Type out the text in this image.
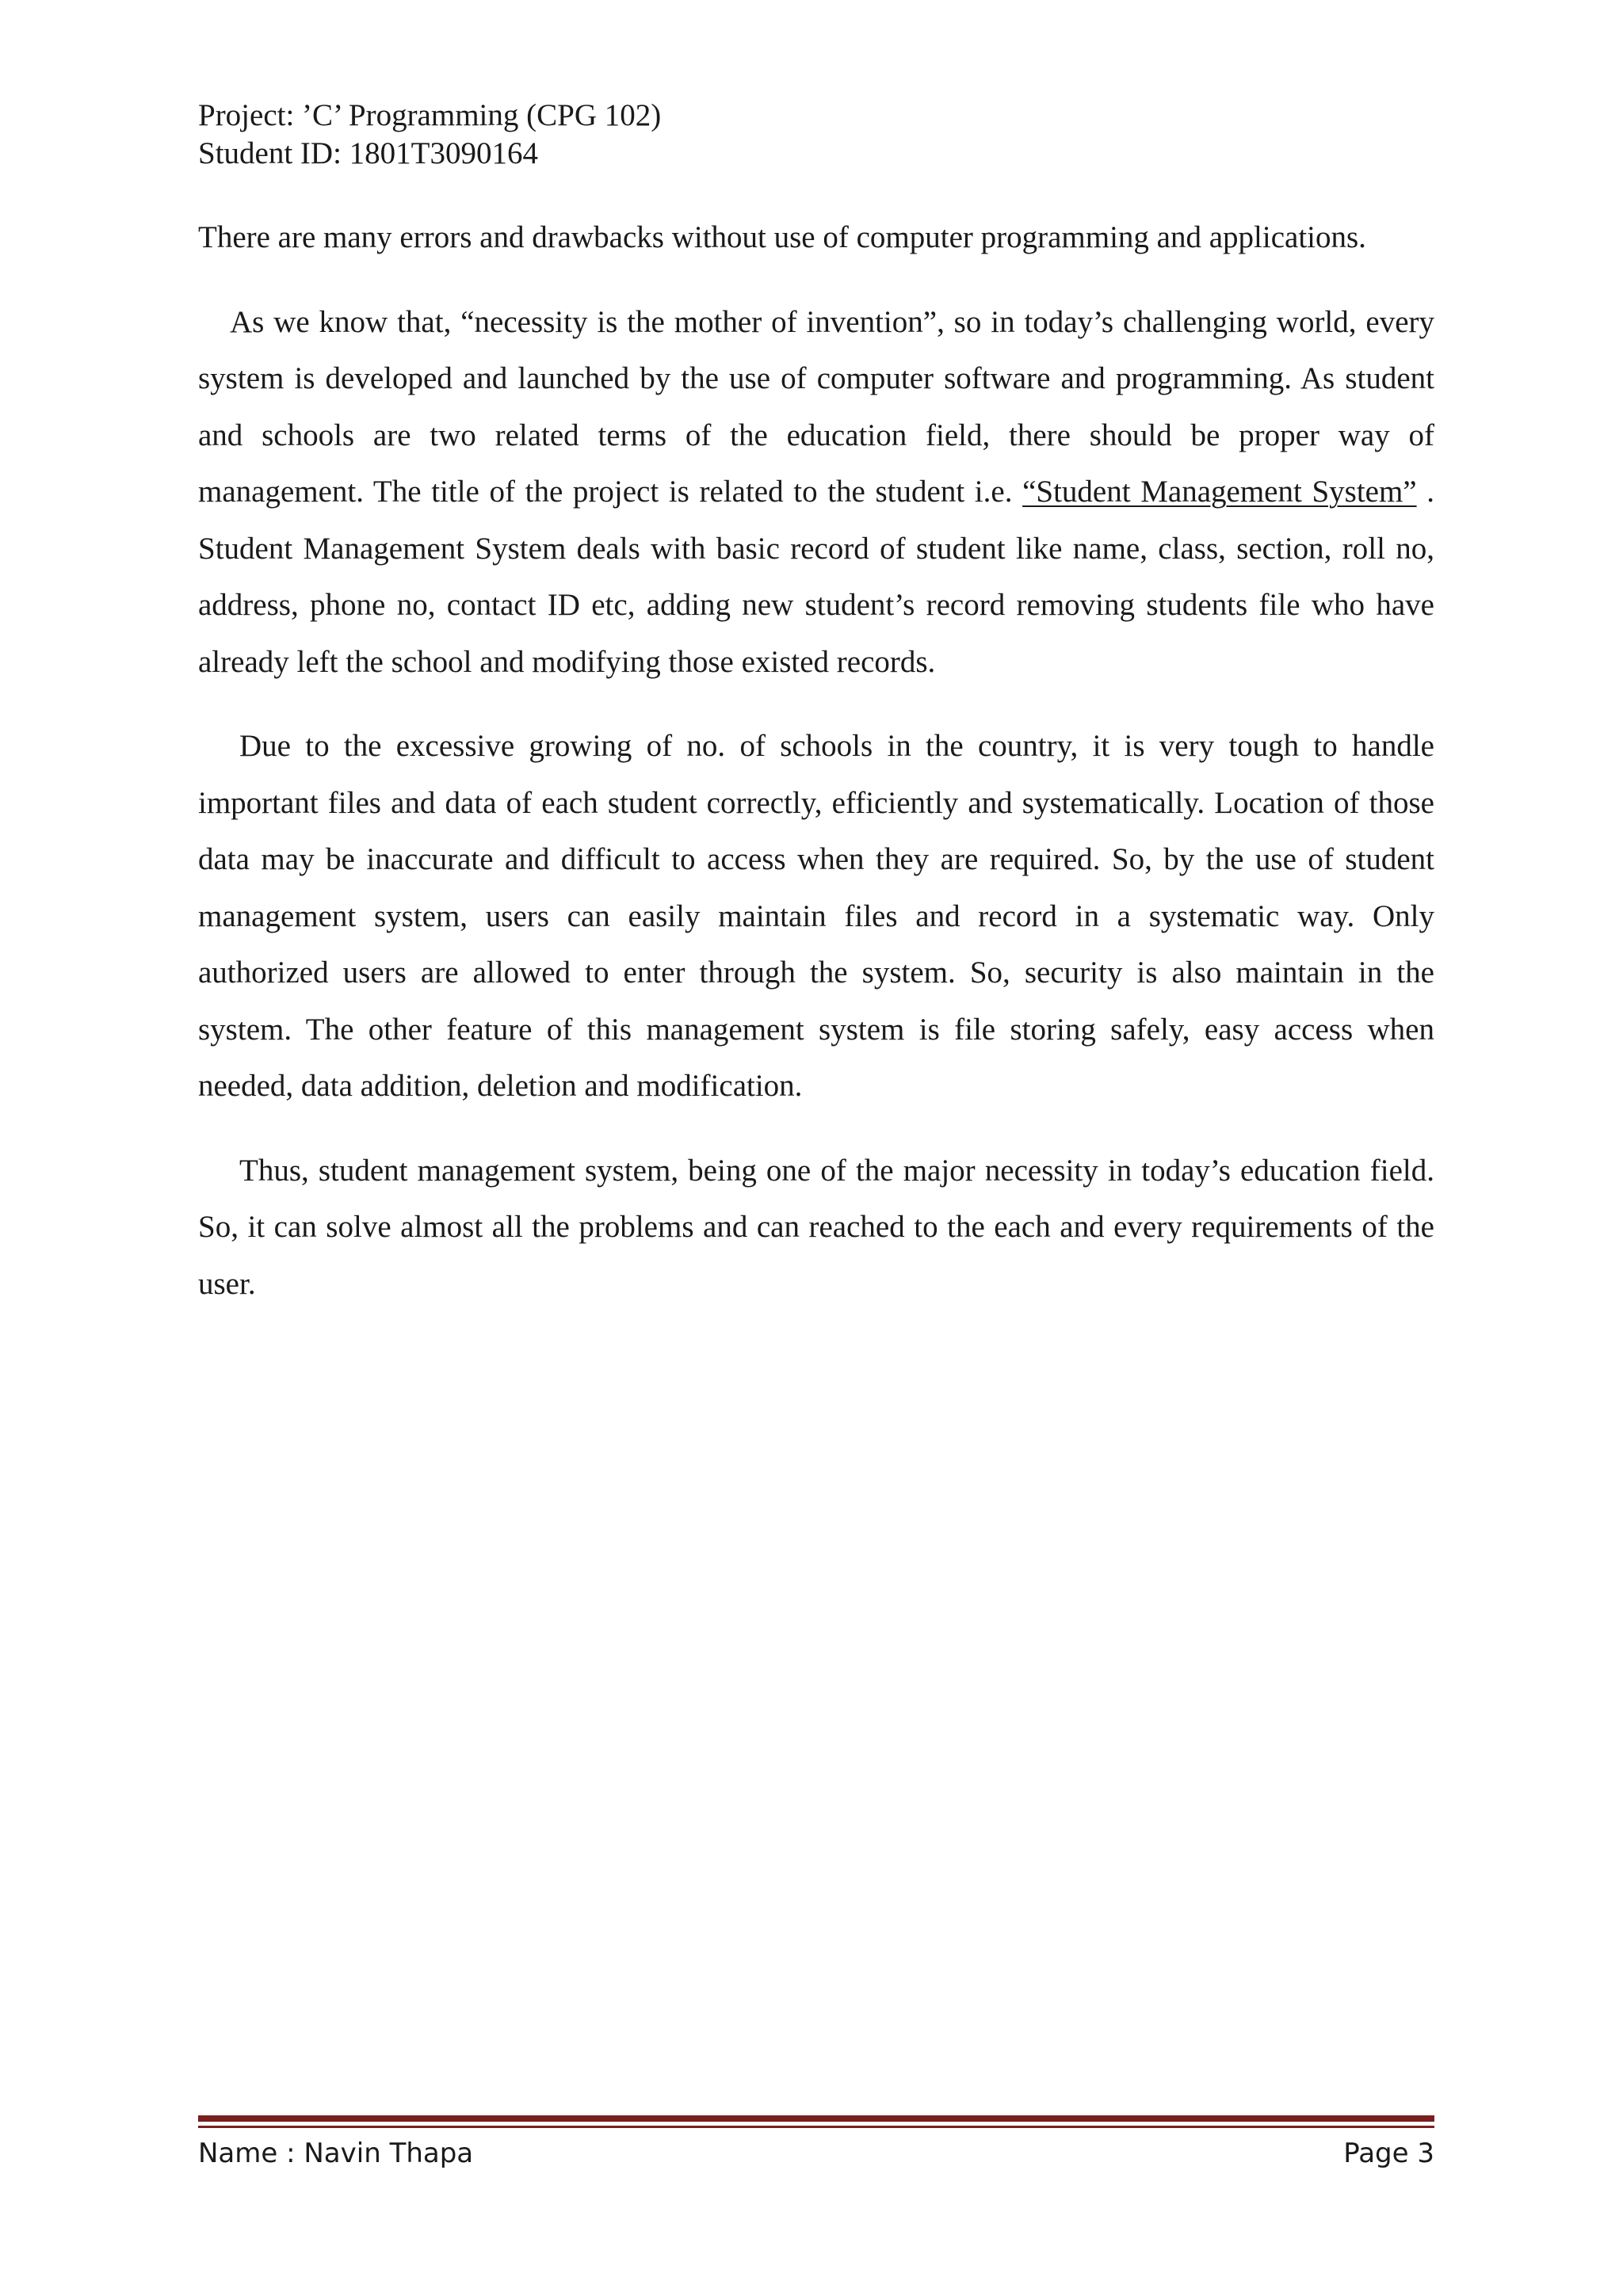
Project: ’C’ Programming (CPG 102)
Student ID: 1801T3090164

There are many errors and drawbacks without use of computer programming and applications.

As we know that, “necessity is the mother of invention”, so in today’s challenging world, every system is developed and launched by the use of computer software and programming. As student and schools are two related terms of the education field, there should be proper way of management. The title of the project is related to the student i.e. “Student Management System” . Student Management System deals with basic record of student like name, class, section, roll no, address, phone no, contact ID etc, adding new student’s record removing students file who have already left the school and modifying those existed records.

Due to the excessive growing of no. of schools in the country, it is very tough to handle important files and data of each student correctly, efficiently and systematically. Location of those data may be inaccurate and difficult to access when they are required. So, by the use of student management system, users can easily maintain files and record in a systematic way. Only authorized users are allowed to enter through the system. So, security is also maintain in the system. The other feature of this management system is file storing safely, easy access when needed, data addition, deletion and modification.

Thus, student management system, being one of the major necessity in today’s education field. So, it can solve almost all the problems and can reached to the each and every requirements of the user.

Name : Navin Thapa	Page 3
